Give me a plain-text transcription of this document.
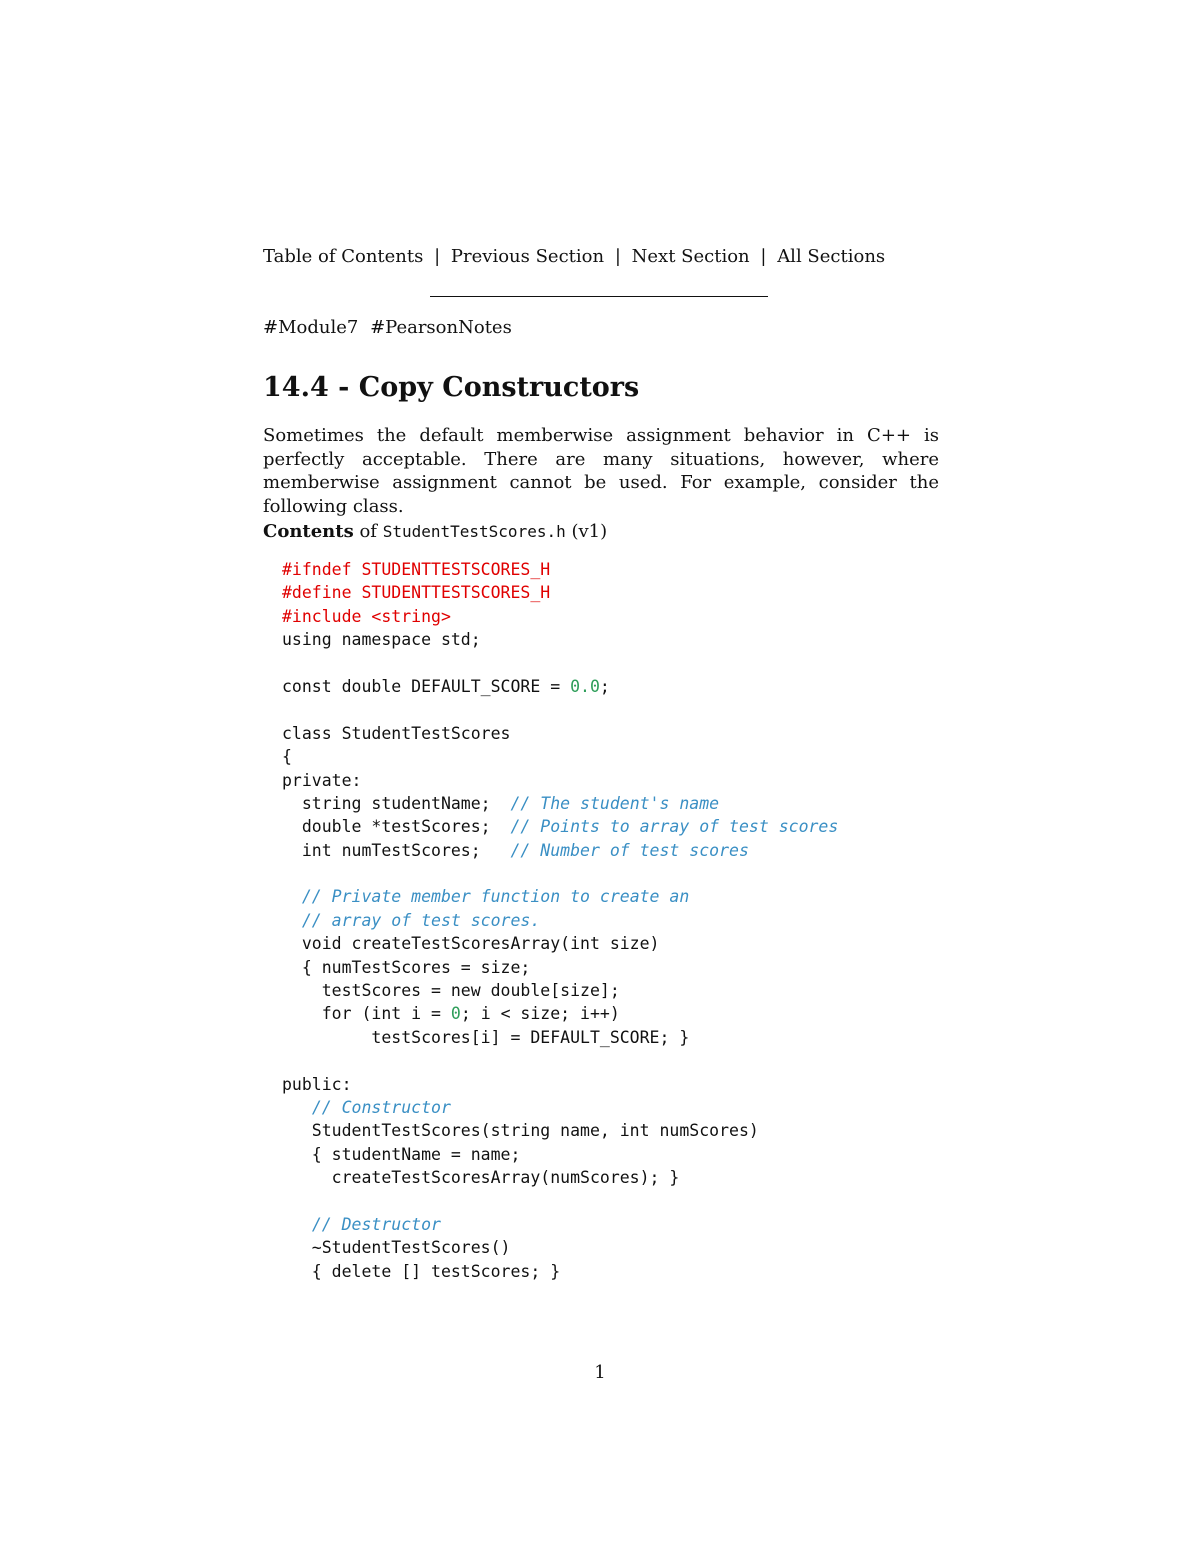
Table of Contents | Previous Section | Next Section | All Sections
#Module7 #PearsonNotes
14.4 - Copy Constructors

Sometimes the default memberwise assignment behavior in C++ is perfectly acceptable. There are many situations, however, where memberwise assignment cannot be used. For example, consider the following class.

Contents of StudentTestScores.h (v1)
#ifndef STUDENTTESTSCORES_H
#define STUDENTTESTSCORES_H
#include <string>
using namespace std;
const double DEFAULT_SCORE = 0.0;
class StudentTestScores
{
private:
string studentName;  // The student's name
double *testScores;  // Points to array of test scores
int numTestScores;   // Number of test scores
// Private member function to create an
// array of test scores.
void createTestScoresArray(int size)
{ numTestScores = size;
testScores = new double[size];
for (int i = 0; i < size; i++)
testScores[i] = DEFAULT_SCORE; }
public:
// Constructor
StudentTestScores(string name, int numScores)
{ studentName = name;
createTestScoresArray(numScores); }
// Destructor
~StudentTestScores()
{ delete [] testScores; }
1
